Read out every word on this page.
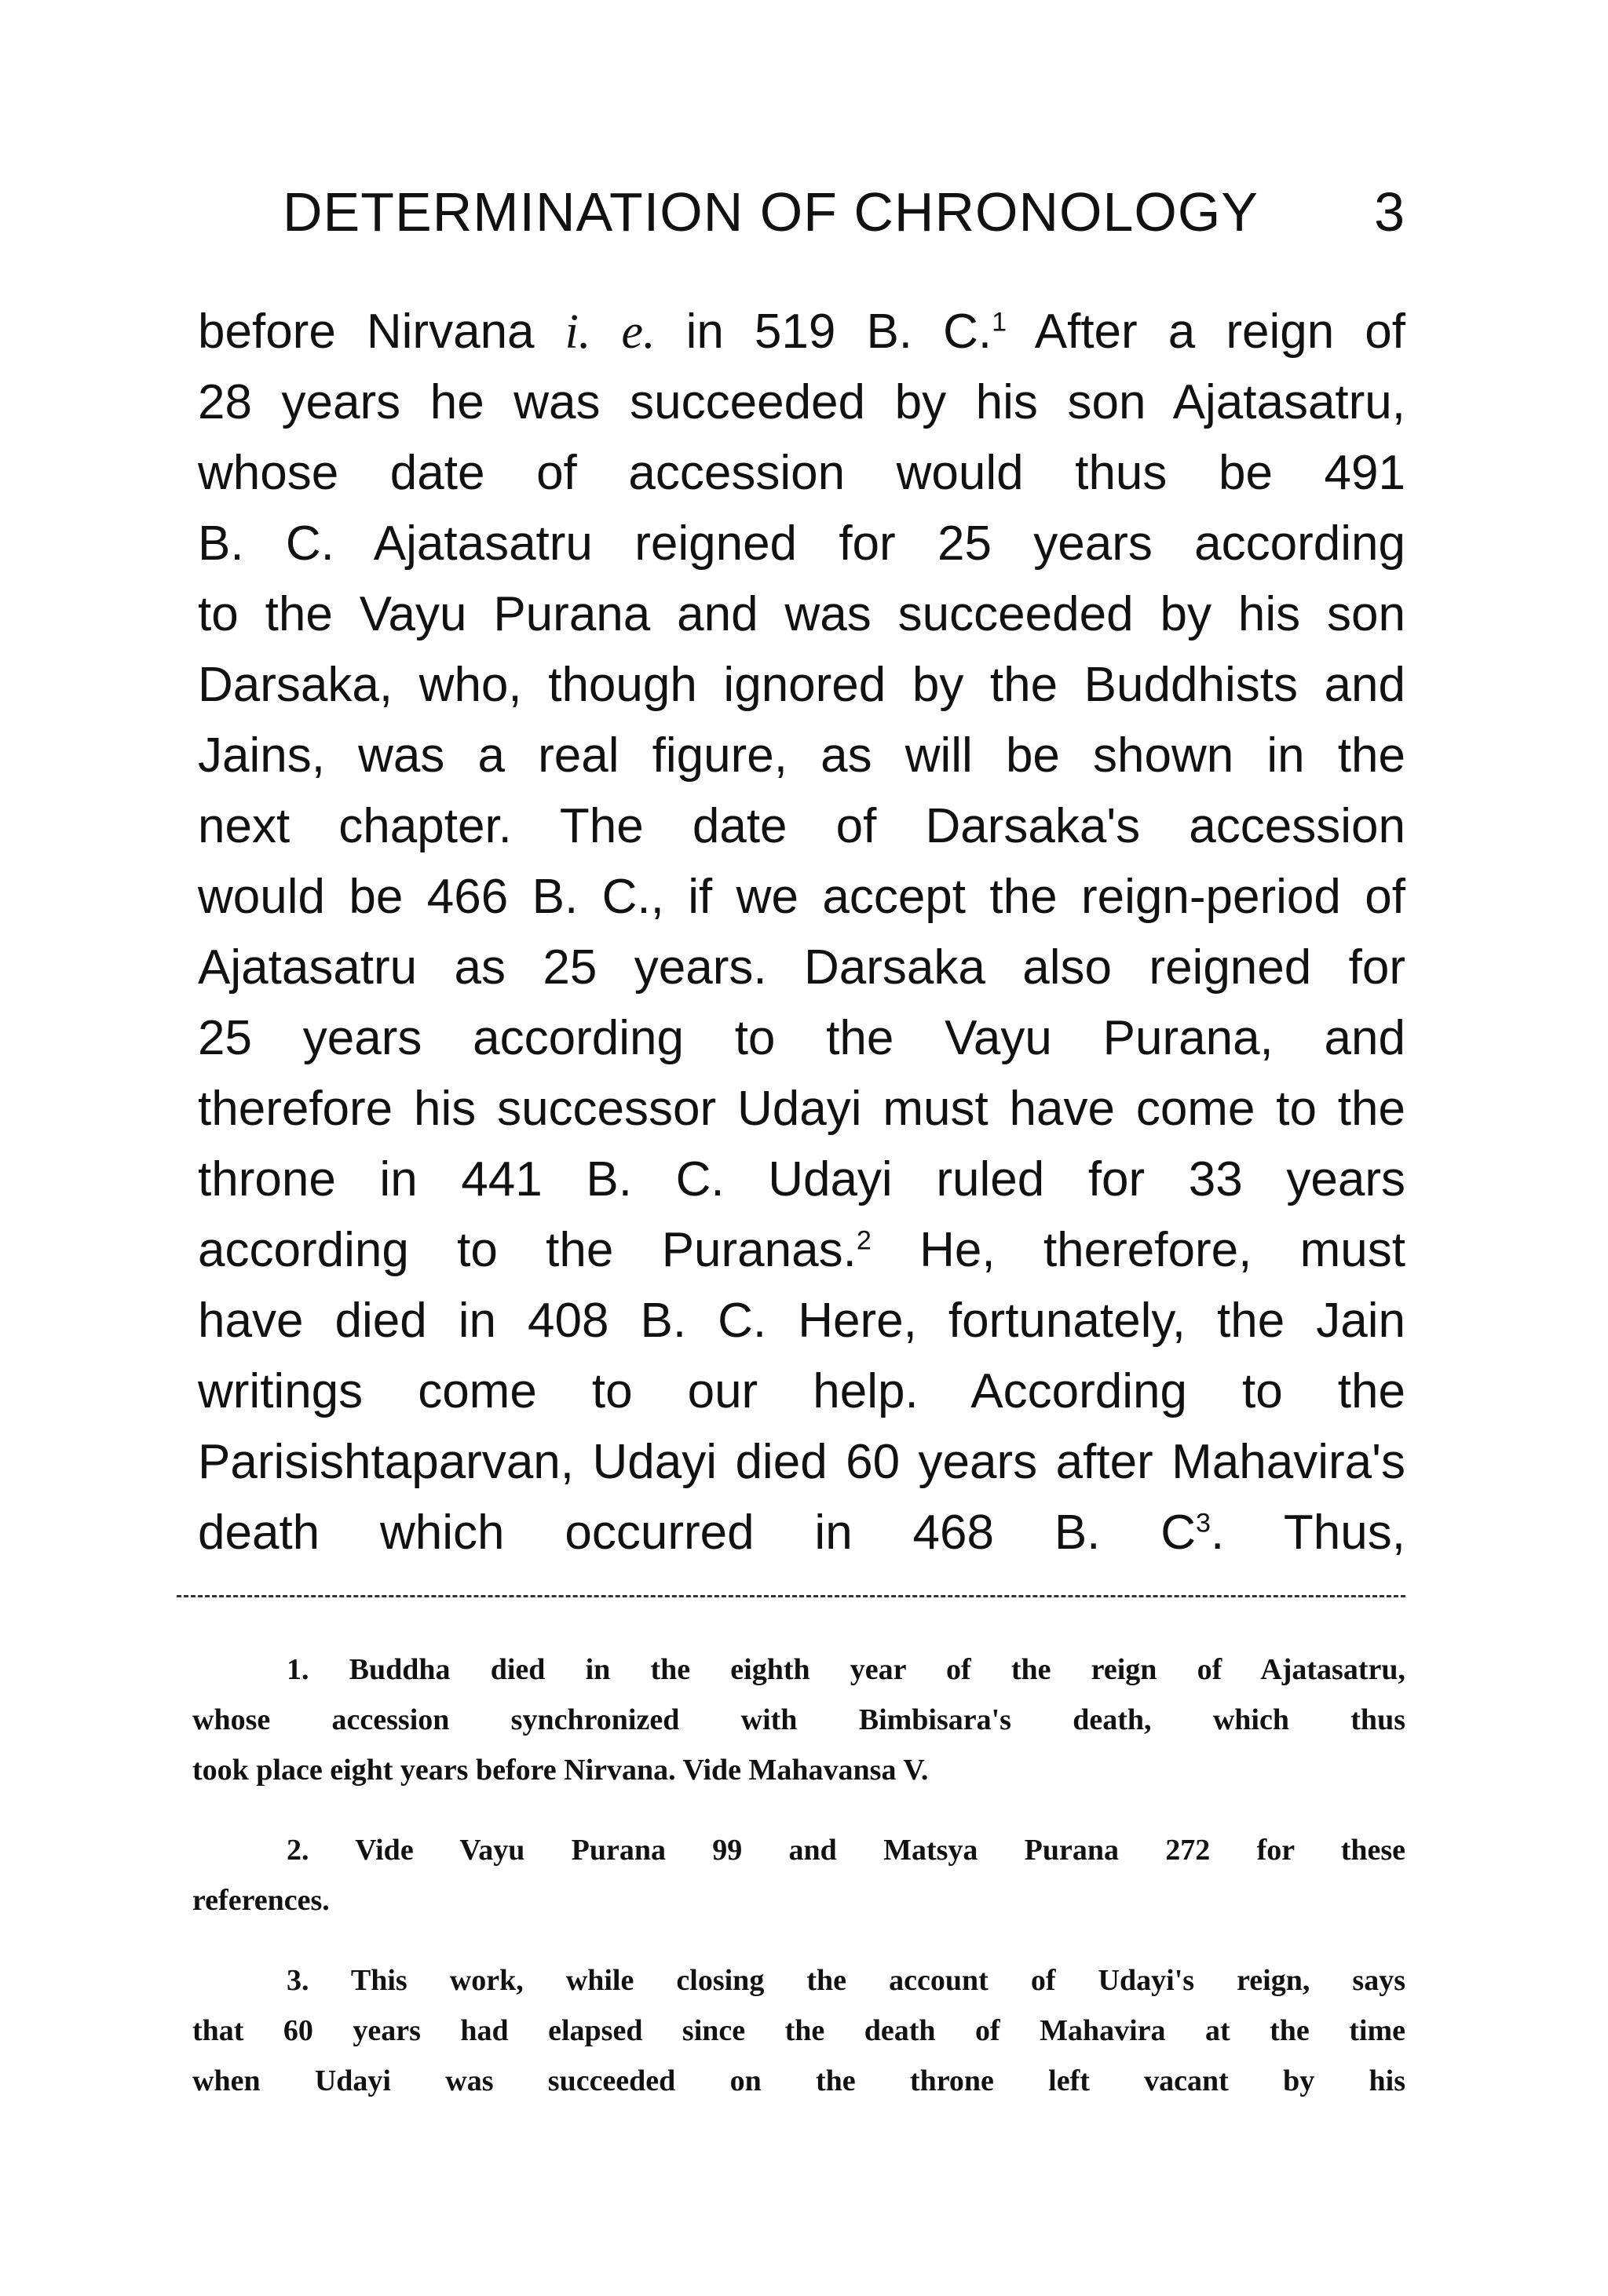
DETERMINATION OF CHRONOLOGY 3
before Nirvana i. e. in 519 B. C.$^1$ After a reign of
28 years he was succeeded by his son Ajatasatru,
whose date of accession would thus be 491
B. C. Ajatasatru reigned for 25 years according
to the Vayu Purana and was succeeded by his son
Darsaka, who, though ignored by the Buddhists and
Jains, was a real figure, as will be shown in the
next chapter. The date of Darsaka's accession
would be 466 B. C., if we accept the reign-period of
Ajatasatru as 25 years. Darsaka also reigned for
25 years according to the Vayu Purana, and
therefore his successor Udayi must have come to the
throne in 441 B. C. Udayi ruled for 33 years
according to the Puranas.$^2$ He, therefore, must
have died in 408 B. C. Here, fortunately, the Jain
writings come to our help. According to the
Parisishtaparvan, Udayi died 60 years after Mahavira's
death which occurred in 468 B. $C^3$. Thus,
1. Buddha died in the eighth year of the reign of Ajatasatru,
whose accession synchronized with Bimbisara's death, which thus
took place eight years before Nirvana. Vide Mahavansa V.
2. Vide Vayu Purana 99 and Matsya Purana 272 for these
references.
3. This work, while closing the account of Udayi's reign, says
that 60 years had elapsed since the death of Mahavira at the time
when Udayi was succeeded on the throne left vacant by his
